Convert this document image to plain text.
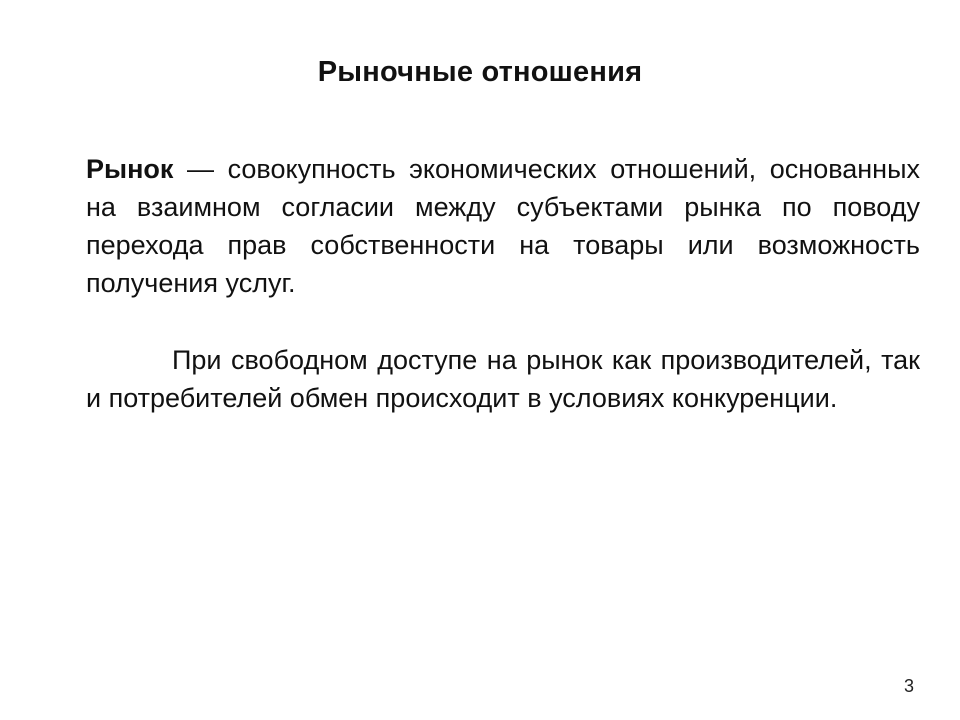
Рыночные отношения

Рынок — совокупность экономических отношений, основанных на взаимном согласии между субъектами рынка по поводу перехода прав собственности на товары или возможность получения услуг.

При свободном доступе на рынок как производителей, так и потребителей обмен происходит в условиях конкуренции.

3
